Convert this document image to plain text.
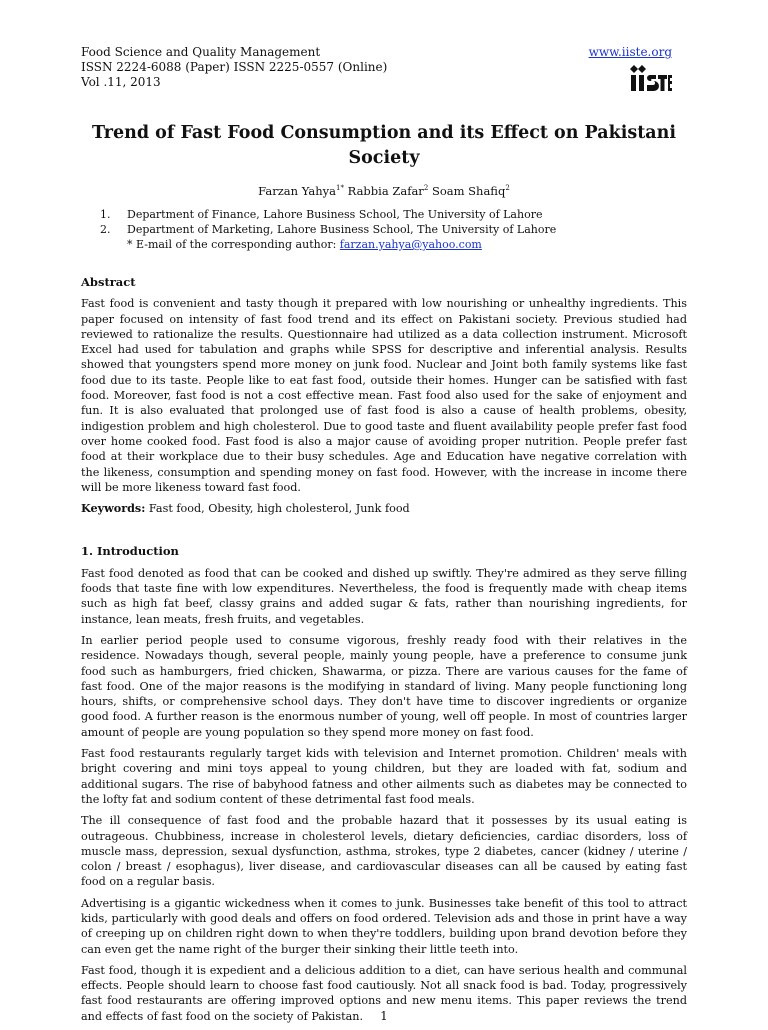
Food Science and Quality Management
ISSN 2224-6088 (Paper) ISSN 2225-0557 (Online)
Vol .11, 2013
www.iiste.org
Trend of Fast Food Consumption and its Effect on Pakistani Society
Farzan Yahya$^{1*}$ Rabbia Zafar$^2$ Soam Shafiq$^2$
1.	Department of Finance, Lahore Business School, The University of Lahore
2.	Department of Marketing, Lahore Business School, The University of Lahore
* E-mail of the corresponding author: farzan.yahya@yahoo.com
Abstract

Fast food is convenient and tasty though it prepared with low nourishing or unhealthy ingredients. This paper focused on intensity of fast food trend and its effect on Pakistani society. Previous studied had reviewed to rationalize the results. Questionnaire had utilized as a data collection instrument. Microsoft Excel had used for tabulation and graphs while SPSS for descriptive and inferential analysis. Results showed that youngsters spend more money on junk food. Nuclear and Joint both family systems like fast food due to its taste. People like to eat fast food, outside their homes. Hunger can be satisfied with fast food. Moreover, fast food is not a cost effective mean. Fast food also used for the sake of enjoyment and fun. It is also evaluated that prolonged use of fast food is also a cause of health problems, obesity, indigestion problem and high cholesterol. Due to good taste and fluent availability people prefer fast food over home cooked food. Fast food is also a major cause of avoiding proper nutrition. People prefer fast food at their workplace due to their busy schedules. Age and Education have negative correlation with the likeness, consumption and spending money on fast food. However, with the increase in income there will be more likeness toward fast food.

Keywords: Fast food, Obesity, high cholesterol, Junk food

1. Introduction

Fast food denoted as food that can be cooked and dished up swiftly. They're admired as they serve filling foods that taste fine with low expenditures. Nevertheless, the food is frequently made with cheap items such as high fat beef, classy grains and added sugar & fats, rather than nourishing ingredients, for instance, lean meats, fresh fruits, and vegetables.

In earlier period people used to consume vigorous, freshly ready food with their relatives in the residence. Nowadays though, several people, mainly young people, have a preference to consume junk food such as hamburgers, fried chicken, Shawarma, or pizza. There are various causes for the fame of fast food. One of the major reasons is the modifying in standard of living. Many people functioning long hours, shifts, or comprehensive school days. They don't have time to discover ingredients or organize good food. A further reason is the enormous number of young, well off people. In most of countries larger amount of people are young population so they spend more money on fast food.

Fast food restaurants regularly target kids with television and Internet promotion. Children' meals with bright covering and mini toys appeal to young children, but they are loaded with fat, sodium and additional sugars. The rise of babyhood fatness and other ailments such as diabetes may be connected to the lofty fat and sodium content of these detrimental fast food meals.

The ill consequence of fast food and the probable hazard that it possesses by its usual eating is outrageous. Chubbiness, increase in cholesterol levels, dietary deficiencies, cardiac disorders, loss of muscle mass, depression, sexual dysfunction, asthma, strokes, type 2 diabetes, cancer (kidney / uterine / colon / breast / esophagus), liver disease, and cardiovascular diseases can all be caused by eating fast food on a regular basis.

Advertising is a gigantic wickedness when it comes to junk. Businesses take benefit of this tool to attract kids, particularly with good deals and offers on food ordered. Television ads and those in print have a way of creeping up on children right down to when they're toddlers, building upon brand devotion before they can even get the name right of the burger their sinking their little teeth into.

Fast food, though it is expedient and a delicious addition to a diet, can have serious health and communal effects. People should learn to choose fast food cautiously. Not all snack food is bad. Today, progressively fast food restaurants are offering improved options and new menu items. This paper reviews the trend and effects of fast food on the society of Pakistan.	1
